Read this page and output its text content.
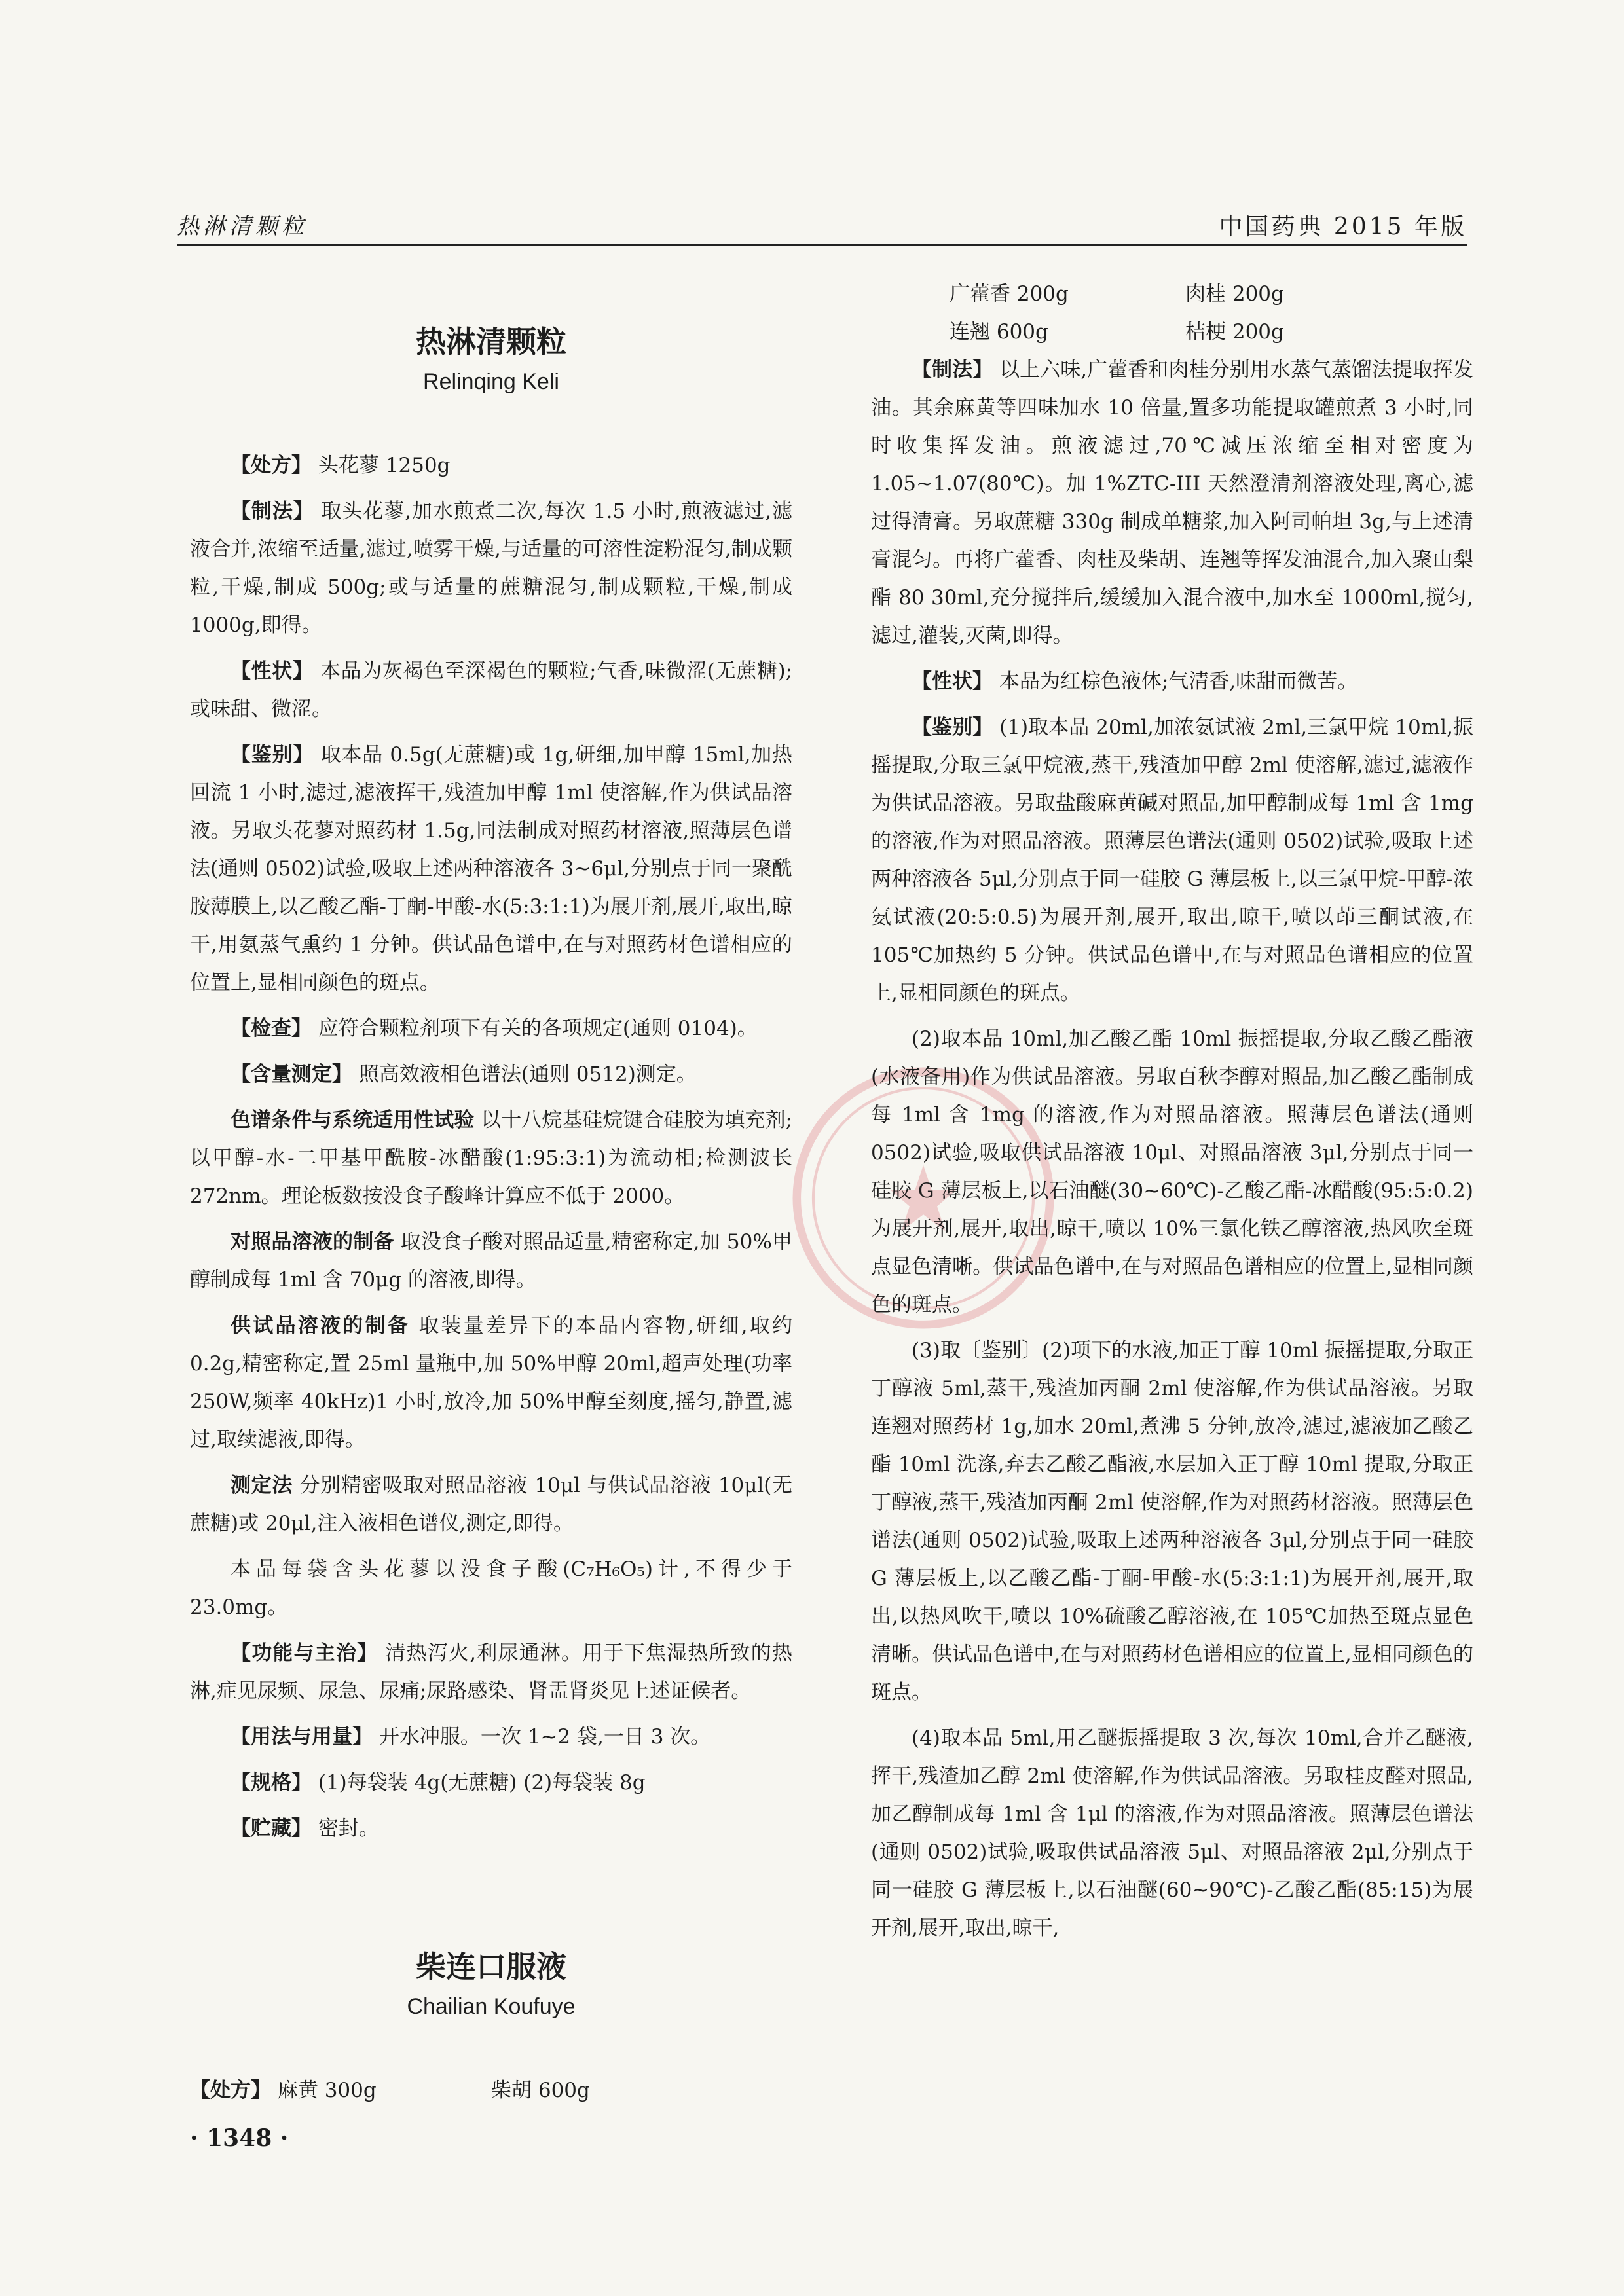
热淋清颗粒	中国药典 2015 年版
热淋清颗粒
Relinqing Keli

【处方】 头花蓼 1250g

【制法】 取头花蓼,加水煎煮二次,每次 1.5 小时,煎液滤过,滤液合并,浓缩至适量,滤过,喷雾干燥,与适量的可溶性淀粉混匀,制成颗粒,干燥,制成 500g;或与适量的蔗糖混匀,制成颗粒,干燥,制成 1000g,即得。

【性状】 本品为灰褐色至深褐色的颗粒;气香,味微涩(无蔗糖);或味甜、微涩。

【鉴别】 取本品 0.5g(无蔗糖)或 1g,研细,加甲醇 15ml,加热回流 1 小时,滤过,滤液挥干,残渣加甲醇 1ml 使溶解,作为供试品溶液。另取头花蓼对照药材 1.5g,同法制成对照药材溶液,照薄层色谱法(通则 0502)试验,吸取上述两种溶液各 3~6μl,分别点于同一聚酰胺薄膜上,以乙酸乙酯-丁酮-甲酸-水(5:3:1:1)为展开剂,展开,取出,晾干,用氨蒸气熏约 1 分钟。供试品色谱中,在与对照药材色谱相应的位置上,显相同颜色的斑点。

【检查】 应符合颗粒剂项下有关的各项规定(通则 0104)。

【含量测定】 照高效液相色谱法(通则 0512)测定。

色谱条件与系统适用性试验 以十八烷基硅烷键合硅胶为填充剂;以甲醇-水-二甲基甲酰胺-冰醋酸(1:95:3:1)为流动相;检测波长 272nm。理论板数按没食子酸峰计算应不低于 2000。

对照品溶液的制备 取没食子酸对照品适量,精密称定,加 50%甲醇制成每 1ml 含 70μg 的溶液,即得。

供试品溶液的制备 取装量差异下的本品内容物,研细,取约 0.2g,精密称定,置 25ml 量瓶中,加 50%甲醇 20ml,超声处理(功率 250W,频率 40kHz)1 小时,放冷,加 50%甲醇至刻度,摇匀,静置,滤过,取续滤液,即得。

测定法 分别精密吸取对照品溶液 10μl 与供试品溶液 10μl(无蔗糖)或 20μl,注入液相色谱仪,测定,即得。

本品每袋含头花蓼以没食子酸(C₇H₆O₅)计,不得少于 23.0mg。

【功能与主治】 清热泻火,利尿通淋。用于下焦湿热所致的热淋,症见尿频、尿急、尿痛;尿路感染、肾盂肾炎见上述证候者。

【用法与用量】 开水冲服。一次 1~2 袋,一日 3 次。

【规格】 (1)每袋装 4g(无蔗糖) (2)每袋装 8g

【贮藏】 密封。

柴连口服液
Chailian Koufuye
【处方】 麻黄 300g	柴胡 600g
广藿香 200g	肉桂 200g
连翘 600g	桔梗 200g

【制法】 以上六味,广藿香和肉桂分别用水蒸气蒸馏法提取挥发油。其余麻黄等四味加水 10 倍量,置多功能提取罐煎煮 3 小时,同时收集挥发油。煎液滤过,70℃减压浓缩至相对密度为 1.05~1.07(80℃)。加 1%ZTC-III 天然澄清剂溶液处理,离心,滤过得清膏。另取蔗糖 330g 制成单糖浆,加入阿司帕坦 3g,与上述清膏混匀。再将广藿香、肉桂及柴胡、连翘等挥发油混合,加入聚山梨酯 80 30ml,充分搅拌后,缓缓加入混合液中,加水至 1000ml,搅匀,滤过,灌装,灭菌,即得。

【性状】 本品为红棕色液体;气清香,味甜而微苦。

【鉴别】 (1)取本品 20ml,加浓氨试液 2ml,三氯甲烷 10ml,振摇提取,分取三氯甲烷液,蒸干,残渣加甲醇 2ml 使溶解,滤过,滤液作为供试品溶液。另取盐酸麻黄碱对照品,加甲醇制成每 1ml 含 1mg 的溶液,作为对照品溶液。照薄层色谱法(通则 0502)试验,吸取上述两种溶液各 5μl,分别点于同一硅胶 G 薄层板上,以三氯甲烷-甲醇-浓氨试液(20:5:0.5)为展开剂,展开,取出,晾干,喷以茚三酮试液,在 105℃加热约 5 分钟。供试品色谱中,在与对照品色谱相应的位置上,显相同颜色的斑点。

(2)取本品 10ml,加乙酸乙酯 10ml 振摇提取,分取乙酸乙酯液(水液备用)作为供试品溶液。另取百秋李醇对照品,加乙酸乙酯制成每 1ml 含 1mg 的溶液,作为对照品溶液。照薄层色谱法(通则 0502)试验,吸取供试品溶液 10μl、对照品溶液 3μl,分别点于同一硅胶 G 薄层板上,以石油醚(30~60℃)-乙酸乙酯-冰醋酸(95:5:0.2)为展开剂,展开,取出,晾干,喷以 10%三氯化铁乙醇溶液,热风吹至斑点显色清晰。供试品色谱中,在与对照品色谱相应的位置上,显相同颜色的斑点。

(3)取〔鉴别〕(2)项下的水液,加正丁醇 10ml 振摇提取,分取正丁醇液 5ml,蒸干,残渣加丙酮 2ml 使溶解,作为供试品溶液。另取连翘对照药材 1g,加水 20ml,煮沸 5 分钟,放冷,滤过,滤液加乙酸乙酯 10ml 洗涤,弃去乙酸乙酯液,水层加入正丁醇 10ml 提取,分取正丁醇液,蒸干,残渣加丙酮 2ml 使溶解,作为对照药材溶液。照薄层色谱法(通则 0502)试验,吸取上述两种溶液各 3μl,分别点于同一硅胶 G 薄层板上,以乙酸乙酯-丁酮-甲酸-水(5:3:1:1)为展开剂,展开,取出,以热风吹干,喷以 10%硫酸乙醇溶液,在 105℃加热至斑点显色清晰。供试品色谱中,在与对照药材色谱相应的位置上,显相同颜色的斑点。

(4)取本品 5ml,用乙醚振摇提取 3 次,每次 10ml,合并乙醚液,挥干,残渣加乙醇 2ml 使溶解,作为供试品溶液。另取桂皮醛对照品,加乙醇制成每 1ml 含 1μl 的溶液,作为对照品溶液。照薄层色谱法(通则 0502)试验,吸取供试品溶液 5μl、对照品溶液 2μl,分别点于同一硅胶 G 薄层板上,以石油醚(60~90℃)-乙酸乙酯(85:15)为展开剂,展开,取出,晾干,

· 1348 ·
